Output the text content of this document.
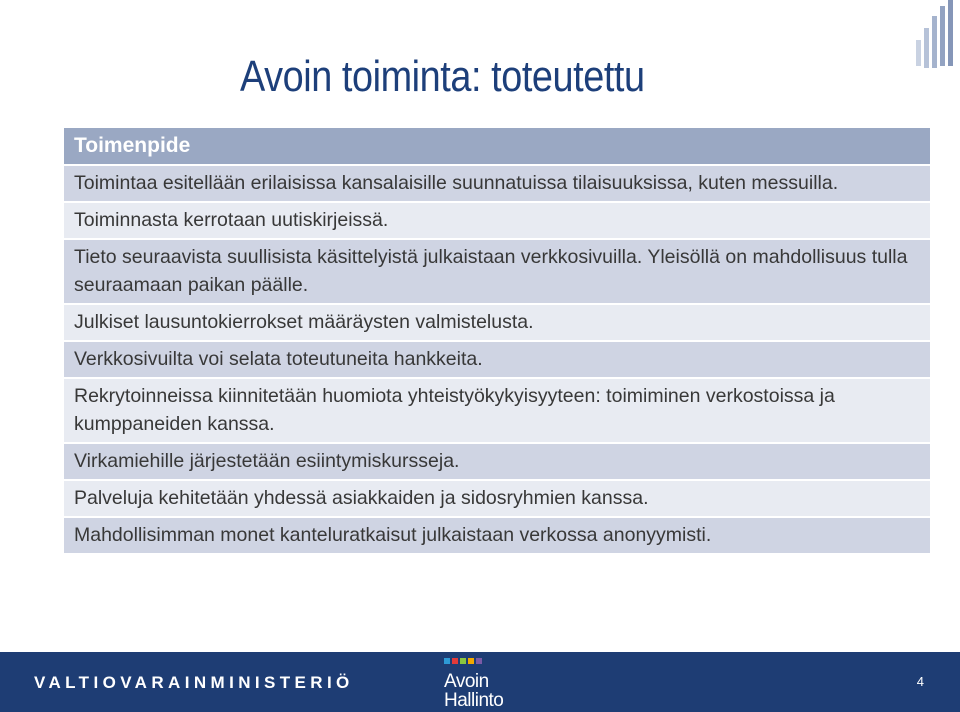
Avoin toiminta: toteutettu
Toimenpide
Toimintaa esitellään erilaisissa kansalaisille suunnatuissa tilaisuuksissa, kuten messuilla.
Toiminnasta kerrotaan uutiskirjeissä.
Tieto seuraavista suullisista käsittelyistä julkaistaan verkkosivuilla. Yleisöllä on mahdollisuus tulla seuraamaan paikan päälle.
Julkiset lausuntokierrokset määräysten valmistelusta.
Verkkosivuilta voi selata toteutuneita hankkeita.
Rekrytoinneissa kiinnitetään huomiota yhteistyökykyisyyteen: toimiminen verkostoissa ja kumppaneiden kanssa.
Virkamiehille järjestetään esiintymiskursseja.
Palveluja kehitetään yhdessä asiakkaiden ja sidosryhmien kanssa.
Mahdollisimman monet kanteluratkaisut julkaistaan verkossa anonyymisti.
VALTIOVARAINMINISTERIÖ	Avoin
Hallinto
4
